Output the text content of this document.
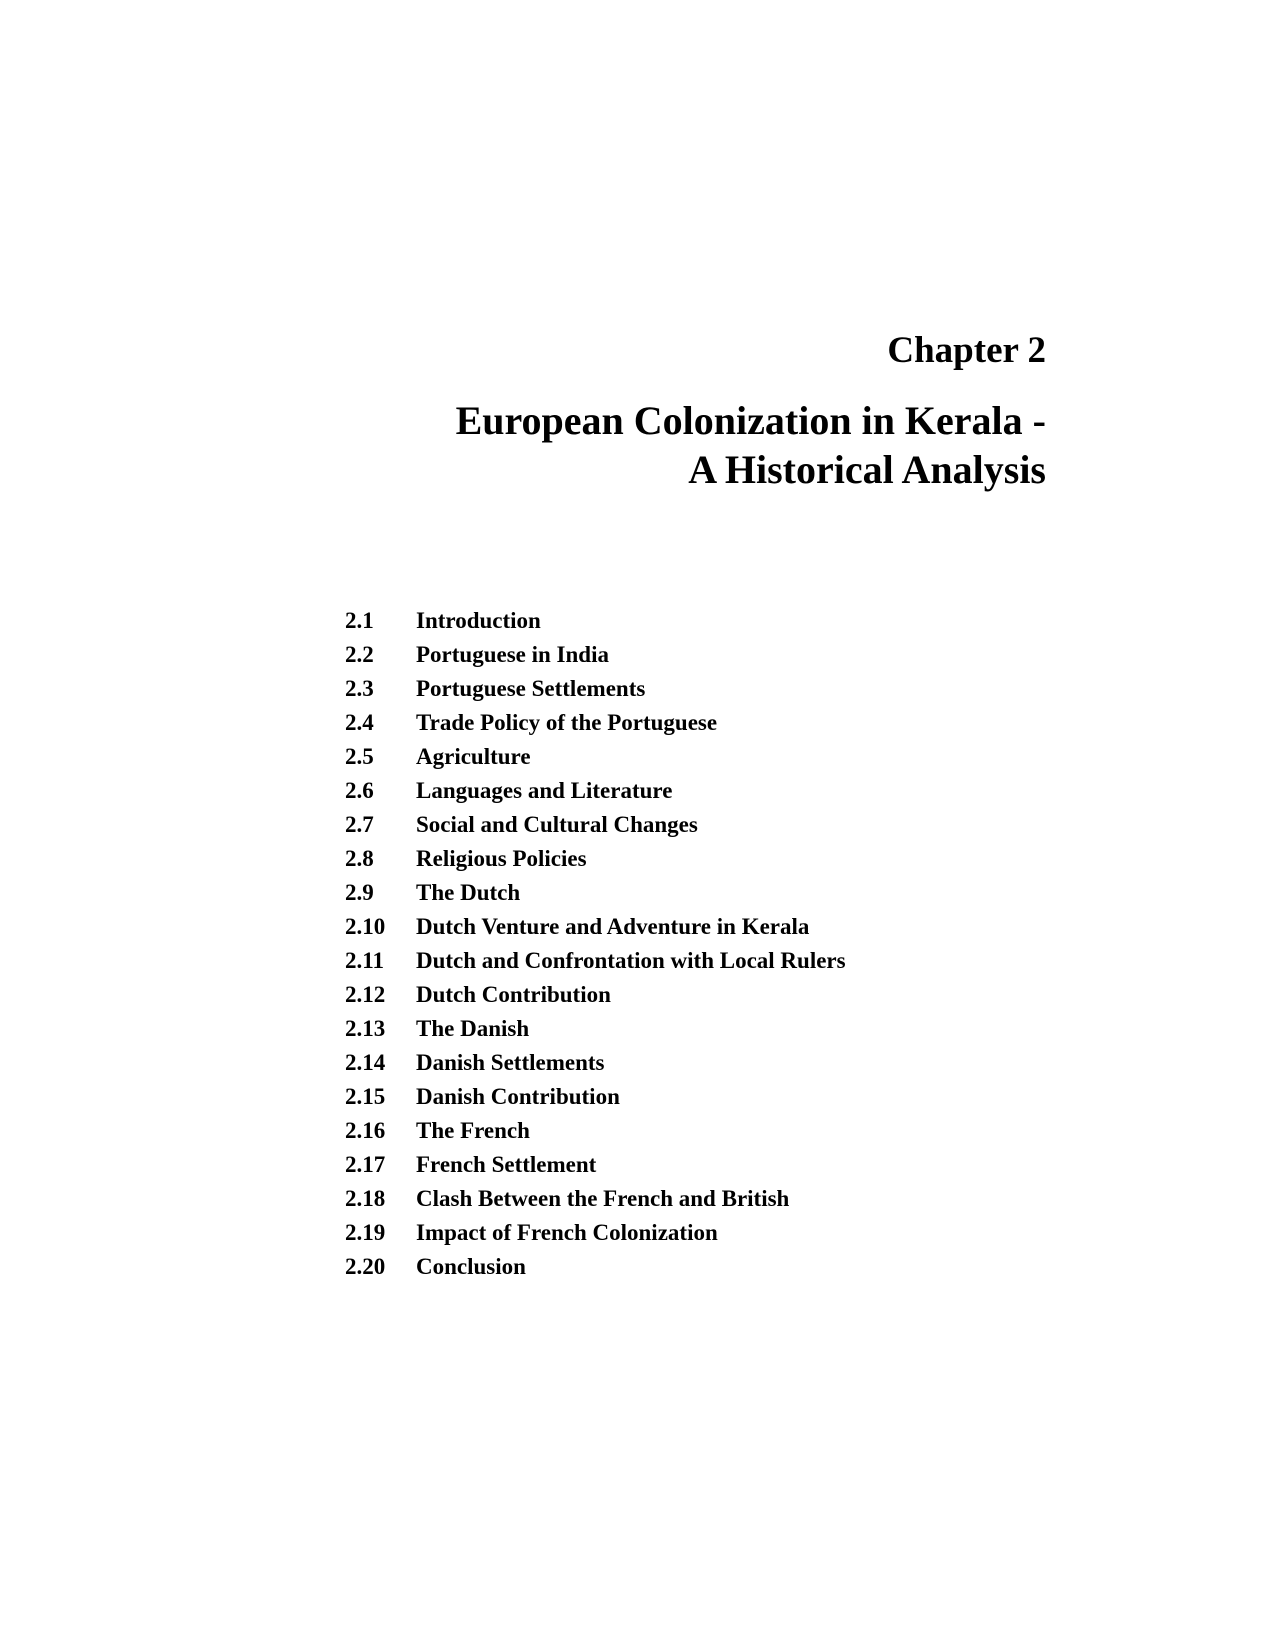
Chapter 2
European Colonization in Kerala -
A Historical Analysis
2.1	Introduction
2.2	Portuguese in India
2.3	Portuguese Settlements
2.4	Trade Policy of the Portuguese
2.5	Agriculture
2.6	Languages and Literature
2.7	Social and Cultural Changes
2.8	Religious Policies
2.9	The Dutch
2.10	Dutch Venture and Adventure in Kerala
2.11	Dutch and Confrontation with Local Rulers
2.12	Dutch Contribution
2.13	The Danish
2.14	Danish Settlements
2.15	Danish Contribution
2.16	The French
2.17	French Settlement
2.18	Clash Between the French and British
2.19	Impact of French Colonization
2.20	Conclusion
